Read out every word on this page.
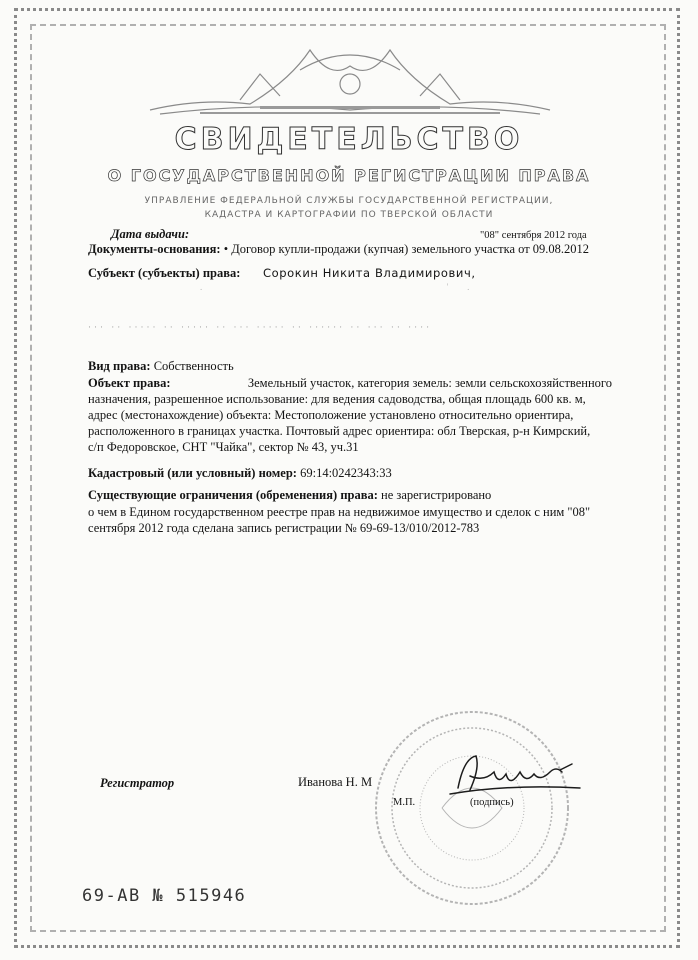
СВИДЕТЕЛЬСТВО
О ГОСУДАРСТВЕННОЙ РЕГИСТРАЦИИ ПРАВА
УПРАВЛЕНИЕ ФЕДЕРАЛЬНОЙ СЛУЖБЫ ГОСУДАРСТВЕННОЙ РЕГИСТРАЦИИ,
КАДАСТРА И КАРТОГРАФИИ ПО ТВЕРСКОЙ ОБЛАСТИ
Дата выдачи:	"08" сентября 2012 года
Документы-основания: • Договор купли-продажи (купчая) земельного участка от 09.08.2012
Субъект (субъекты) права: Сорокин Никита Владимирович,
.                                              '   .
··· ·· ····· ·· ····· ·· ··· ····· ·· ······ ·· ··· ·· ····
Вид права: Собственность
Объект права:	Земельный участок, категория земель: земли сельскохозяйственного
назначения, разрешенное использование: для ведения садоводства, общая площадь 600 кв. м,
адрес (местонахождение) объекта: Местоположение установлено относительно ориентира,
расположенного в границах участка. Почтовый адрес ориентира: обл Тверская, р-н Кимрский,
с/п Федоровское, СНТ "Чайка", сектор № 43, уч.31
Кадастровый (или условный) номер: 69:14:0242343:33
Существующие ограничения (обременения) права: не зарегистрировано
о чем в Едином государственном реестре прав на недвижимое имущество и сделок с ним "08"
сентября 2012 года сделана запись регистрации № 69-69-13/010/2012-783
Регистратор	Иванова Н. М
М.П.	(подпись)
69-АВ № 515946
